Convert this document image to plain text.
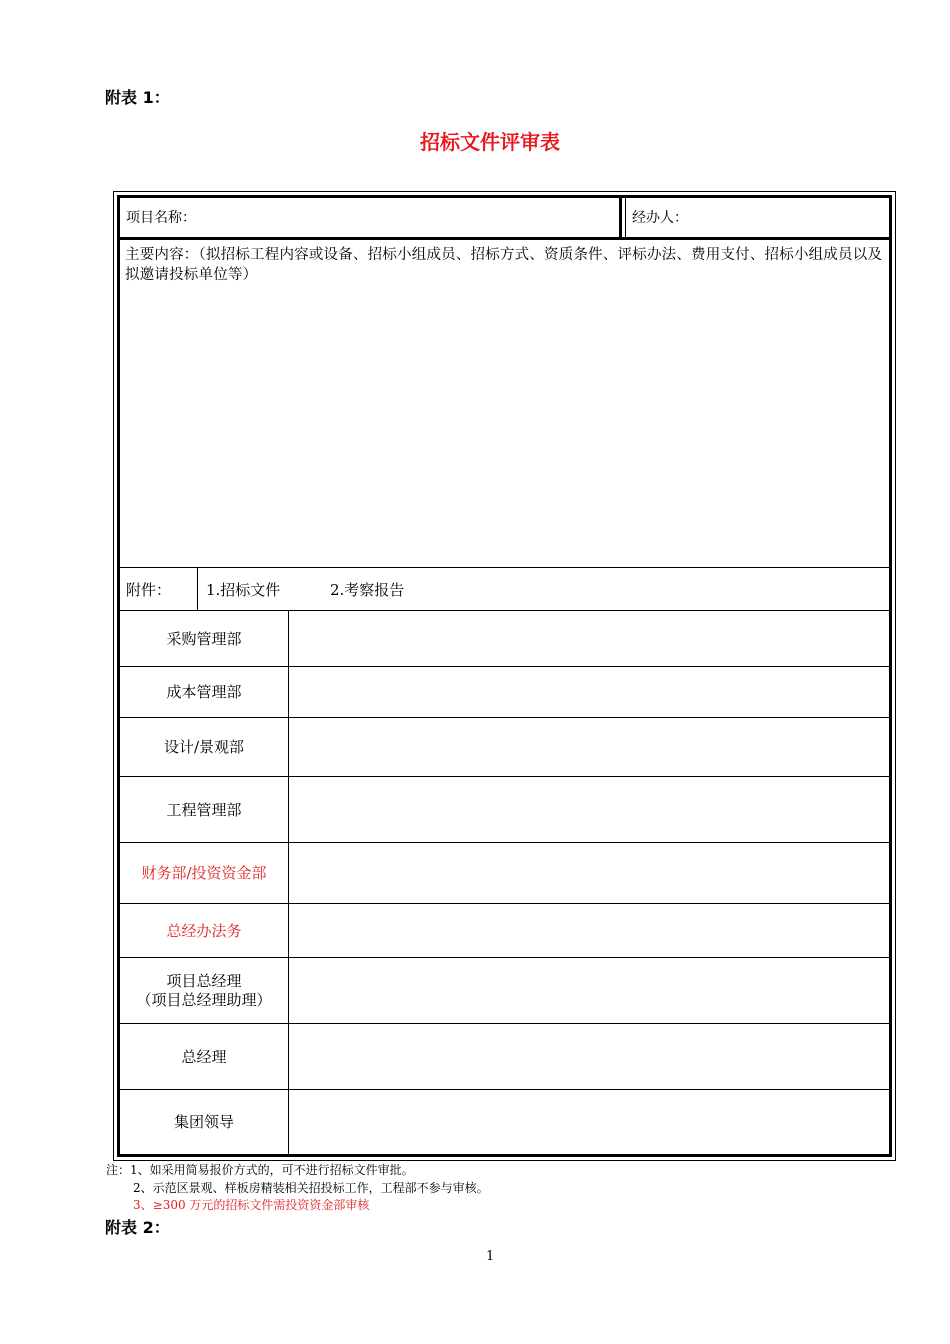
附表 1：
招标文件评审表
项目名称：	经办人：
主要内容：（拟招标工程内容或设备、招标小组成员、招标方式、资质条件、评标办法、费用支付、招标小组成员以及拟邀请投标单位等）
附件： 1.招标文件	2.考察报告
采购管理部
成本管理部
设计/景观部
工程管理部
财务部/投资资金部
总经办法务
项目总经理
（项目总经理助理）
总经理
集团领导
注：1、如采用简易报价方式的，可不进行招标文件审批。
2、示范区景观、样板房精装相关招投标工作，工程部不参与审核。
3、≥300 万元的招标文件需投资资金部审核
附表 2：
1
